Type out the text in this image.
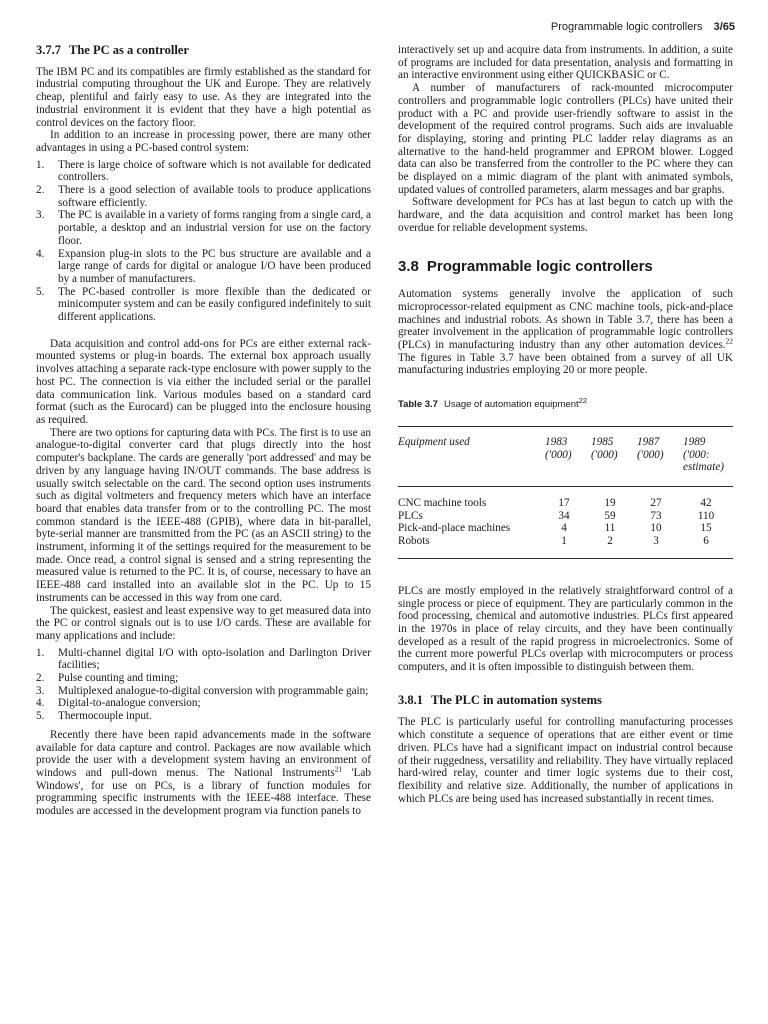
Programmable logic controllers 3/65
3.7.7 The PC as a controller

The IBM PC and its compatibles are firmly established as the standard for industrial computing throughout the UK and Europe. They are relatively cheap, plentiful and fairly easy to use. As they are integrated into the industrial environment it is evident that they have a high potential as control devices on the factory floor.

In addition to an increase in processing power, there are many other advantages in using a PC-based control system:

1. There is large choice of software which is not available for dedicated controllers.
2. There is a good selection of available tools to produce applications software efficiently.
3. The PC is available in a variety of forms ranging from a single card, a portable, a desktop and an industrial version for use on the factory floor.
4. Expansion plug-in slots to the PC bus structure are available and a large range of cards for digital or analogue I/O have been produced by a number of manufacturers.
5. The PC-based controller is more flexible than the dedicated or minicomputer system and can be easily configured indefinitely to suit different applications.

Data acquisition and control add-ons for PCs are either external rack-mounted systems or plug-in boards. The external box approach usually involves attaching a separate rack-type enclosure with power supply to the host PC. The connection is via either the included serial or the parallel data communication link. Various modules based on a standard card format (such as the Eurocard) can be plugged into the enclosure housing as required.

There are two options for capturing data with PCs. The first is to use an analogue-to-digital converter card that plugs directly into the host computer's backplane. The cards are generally 'port addressed' and may be driven by any language having IN/OUT commands. The base address is usually switch selectable on the card. The second option uses instruments such as digital voltmeters and frequency meters which have an interface board that enables data transfer from or to the controlling PC. The most common standard is the IEEE-488 (GPIB), where data in bit-parallel, byte-serial manner are transmitted from the PC (as an ASCII string) to the instrument, informing it of the settings required for the measurement to be made. Once read, a control signal is sensed and a string representing the measured value is returned to the PC. It is, of course, necessary to have an IEEE-488 card installed into an available slot in the PC. Up to 15 instruments can be accessed in this way from one card.

The quickest, easiest and least expensive way to get measured data into the PC or control signals out is to use I/O cards. These are available for many applications and include:

1. Multi-channel digital I/O with opto-isolation and Darlington Driver facilities;
2. Pulse counting and timing;
3. Multiplexed analogue-to-digital conversion with programmable gain;
4. Digital-to-analogue conversion;
5. Thermocouple input.

Recently there have been rapid advancements made in the software available for data capture and control. Packages are now available which provide the user with a development system having an environment of windows and pull-down menus. The National Instruments$^{21}$ 'Lab Windows', for use on PCs, is a library of function modules for programming specific instruments with the IEEE-488 interface. These modules are accessed in the development program via function panels to

interactively set up and acquire data from instruments. In addition, a suite of programs are included for data presentation, analysis and formatting in an interactive environment using either QUICKBASIC or C.

A number of manufacturers of rack-mounted microcomputer controllers and programmable logic controllers (PLCs) have united their product with a PC and provide user-friendly software to assist in the development of the required control programs. Such aids are invaluable for displaying, storing and printing PLC ladder relay diagrams as an alternative to the hand-held programmer and EPROM blower. Logged data can also be transferred from the controller to the PC where they can be displayed on a mimic diagram of the plant with animated symbols, updated values of controlled parameters, alarm messages and bar graphs.

Software development for PCs has at last begun to catch up with the hardware, and the data acquisition and control market has been long overdue for reliable development systems.

3.8 Programmable logic controllers

Automation systems generally involve the application of such microprocessor-related equipment as CNC machine tools, pick-and-place machines and industrial robots. As shown in Table 3.7, there has been a greater involvement in the application of programmable logic controllers (PLCs) in manufacturing industry than any other automation devices.$^{22}$ The figures in Table 3.7 have been obtained from a survey of all UK manufacturing industries employing 20 or more people.

Table 3.7 Usage of automation equipment$^{22}$
Equipment used	1983 ('000)	1985 ('000)	1987 ('000)	1989 ('000: estimate)
CNC machine tools	17	19	27	42
PLCs	34	59	73	110
Pick-and-place machines	4	11	10	15
Robots	1	2	3	6

PLCs are mostly employed in the relatively straightforward control of a single process or piece of equipment. They are particularly common in the food processing, chemical and automotive industries. PLCs first appeared in the 1970s in place of relay circuits, and they have been continually developed as a result of the rapid progress in microelectronics. Some of the current more powerful PLCs overlap with microcomputers or process computers, and it is often impossible to distinguish between them.

3.8.1 The PLC in automation systems

The PLC is particularly useful for controlling manufacturing processes which constitute a sequence of operations that are either event or time driven. PLCs have had a significant impact on industrial control because of their ruggedness, versatility and reliability. They have virtually replaced hard-wired relay, counter and timer logic systems due to their cost, flexibility and relative size. Additionally, the number of applications in which PLCs are being used has increased substantially in recent times.
